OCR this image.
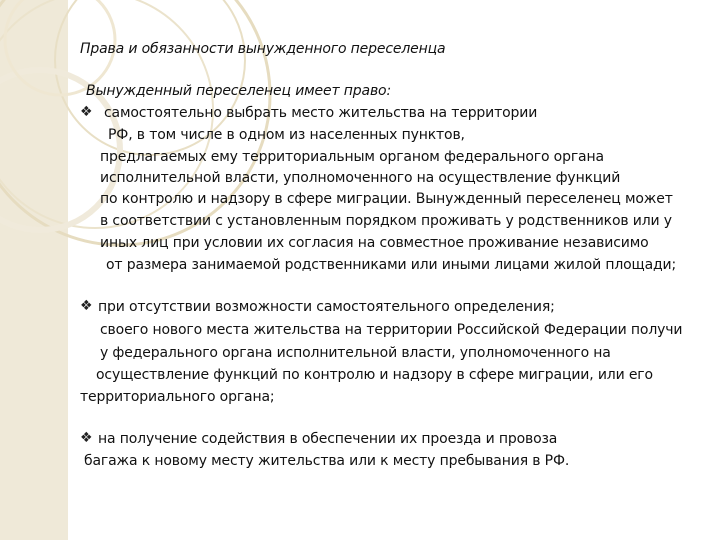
Права и обязанности вынужденного переселенца
Вынужденный переселенец имеет право:
❖ самостоятельно выбрать место жительства на территории
РФ, в том числе в одном из населенных пунктов,
предлагаемых ему территориальным органом федерального органа
исполнительной власти, уполномоченного на осуществление функций
по контролю и надзору в сфере миграции. Вынужденный переселенец может
в соответствии с установленным порядком проживать у родственников или у
иных лиц при условии их согласия на совместное проживание независимо
от размера занимаемой родственниками или иными лицами жилой площади;
❖ при отсутствии возможности самостоятельного определения;
своего нового места жительства на территории Российской Федерации получи
у федерального органа исполнительной власти, уполномоченного на
осуществление функций по контролю и надзору в сфере миграции, или его
территориального органа;
❖ на получение содействия в обеспечении их проезда и провоза
багажа к новому месту жительства или к месту пребывания в РФ.
